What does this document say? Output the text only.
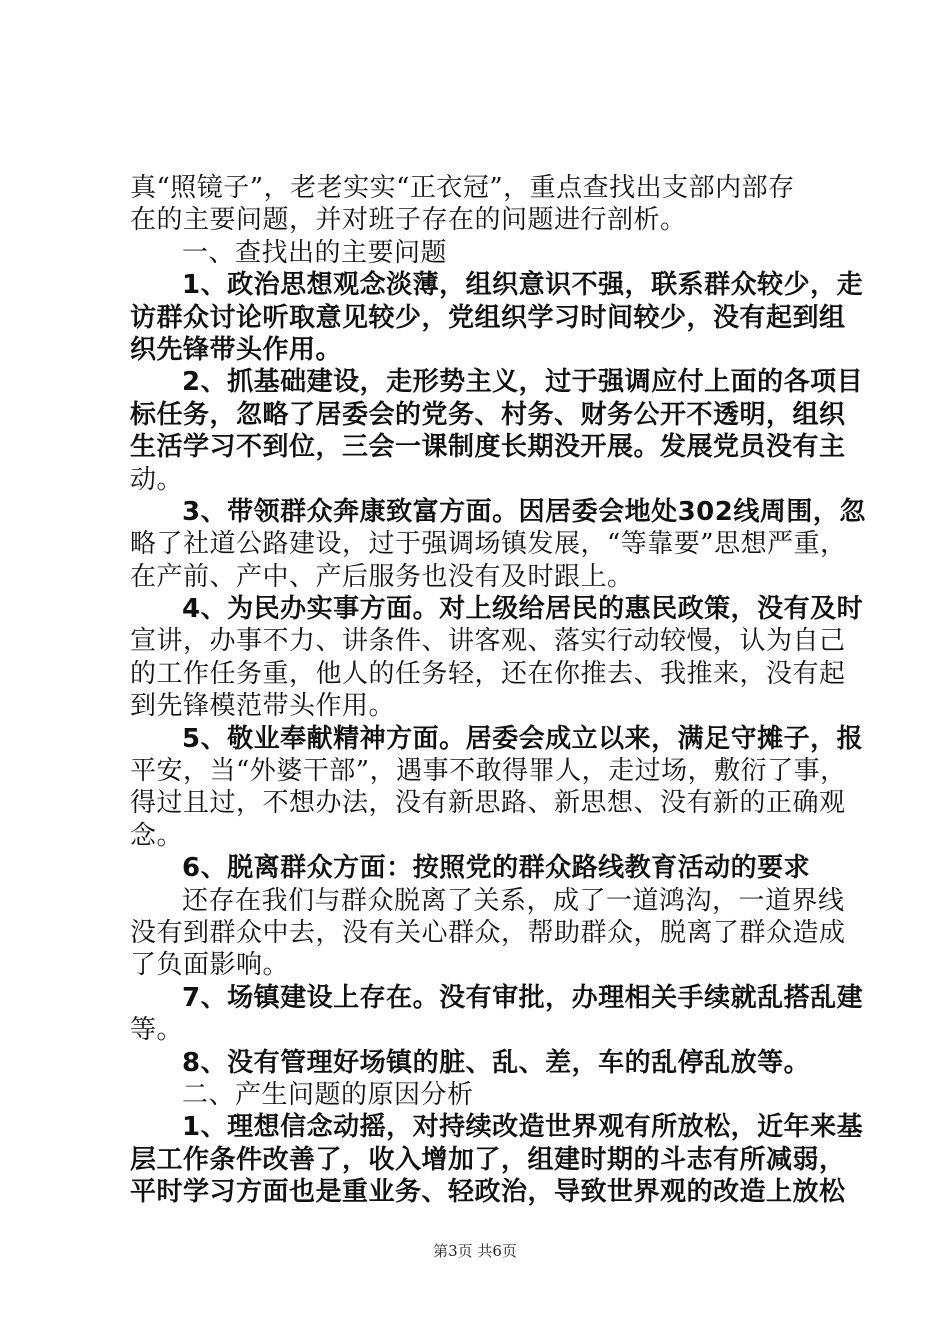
真“照镜子”，老老实实“正衣冠”，重点查找出支部内部存
在的主要问题，并对班子存在的问题进行剖析。
一、查找出的主要问题
1、政治思想观念淡薄，组织意识不强，联系群众较少，走
访群众讨论听取意见较少，党组织学习时间较少，没有起到组
织先锋带头作用。
2、抓基础建设，走形势主义，过于强调应付上面的各项目
标任务，忽略了居委会的党务、村务、财务公开不透明，组织
生活学习不到位，三会一课制度长期没开展。发展党员没有主
动。
3、带领群众奔康致富方面。因居委会地处302线周围，忽
略了社道公路建设，过于强调场镇发展，“等靠要”思想严重，
在产前、产中、产后服务也没有及时跟上。
4、为民办实事方面。对上级给居民的惠民政策，没有及时
宣讲，办事不力、讲条件、讲客观、落实行动较慢，认为自己
的工作任务重，他人的任务轻，还在你推去、我推来，没有起
到先锋模范带头作用。
5、敬业奉献精神方面。居委会成立以来，满足守摊子，报
平安，当“外婆干部”，遇事不敢得罪人，走过场，敷衍了事，
得过且过，不想办法，没有新思路、新思想、没有新的正确观
念。
6、脱离群众方面：按照党的群众路线教育活动的要求
还存在我们与群众脱离了关系，成了一道鸿沟，一道界线
没有到群众中去，没有关心群众，帮助群众，脱离了群众造成
了负面影响。
7、场镇建设上存在。没有审批，办理相关手续就乱搭乱建
等。
8、没有管理好场镇的脏、乱、差，车的乱停乱放等。
二、产生问题的原因分析
1、理想信念动摇，对持续改造世界观有所放松，近年来基
层工作条件改善了，收入增加了，组建时期的斗志有所减弱，
平时学习方面也是重业务、轻政治，导致世界观的改造上放松
第3页 共6页
